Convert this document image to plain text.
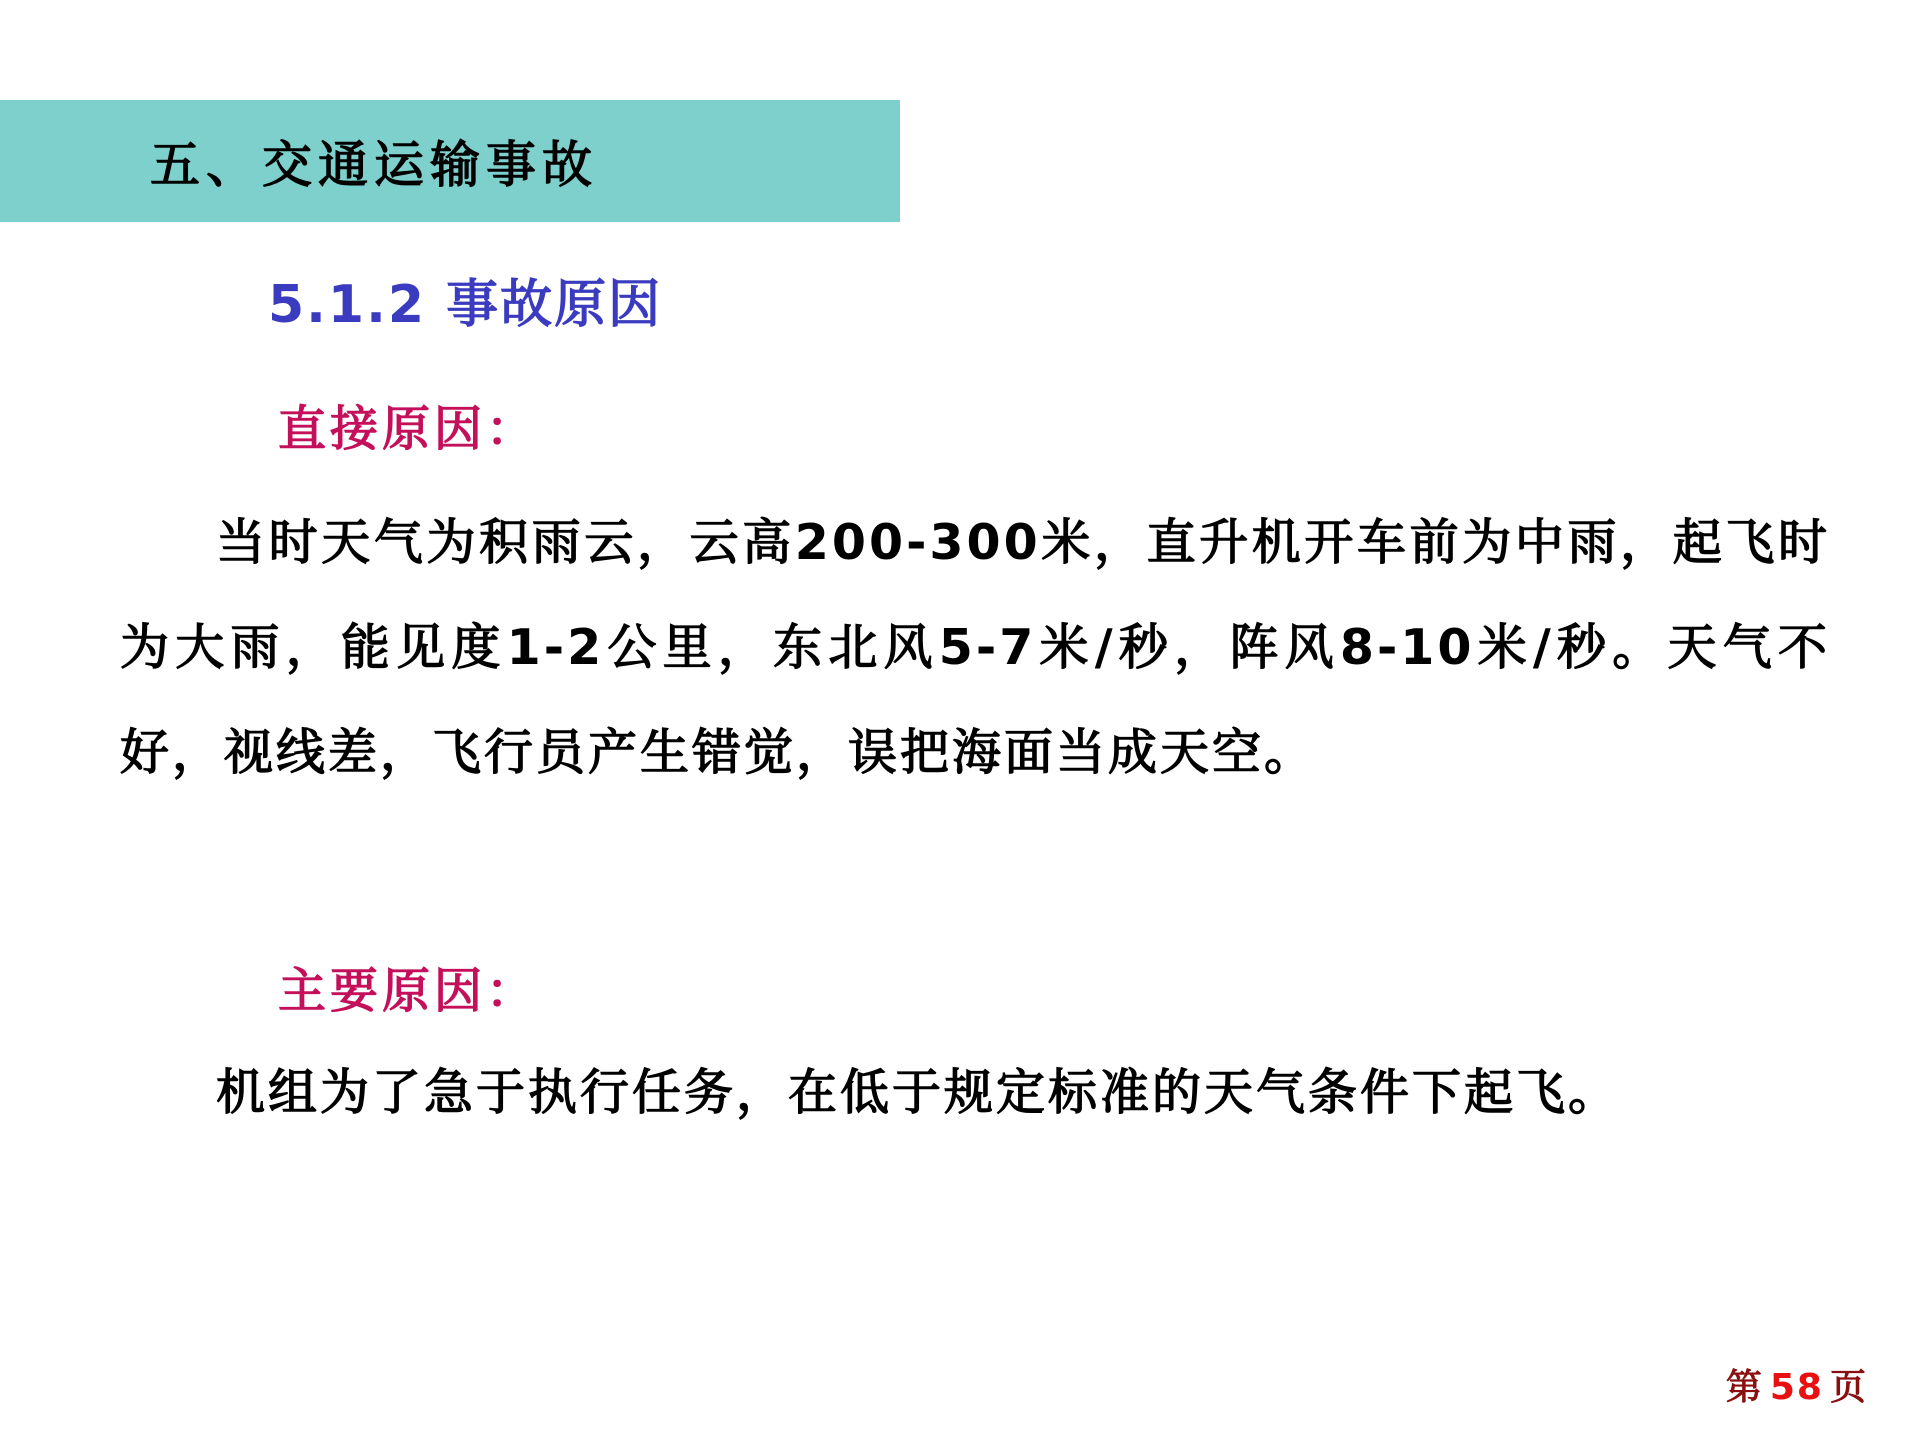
五、交通运输事故
5.1.2 事故原因
直接原因：
当时天气为积雨云，云高200-300米，直升机开车前为中雨，起飞时为大雨，能见度1-2公里，东北风5-7米/秒，阵风8-10米/秒。天气不好，视线差，飞行员产生错觉，误把海面当成天空。
主要原因：
机组为了急于执行任务，在低于规定标准的天气条件下起飞。
第 58 页
